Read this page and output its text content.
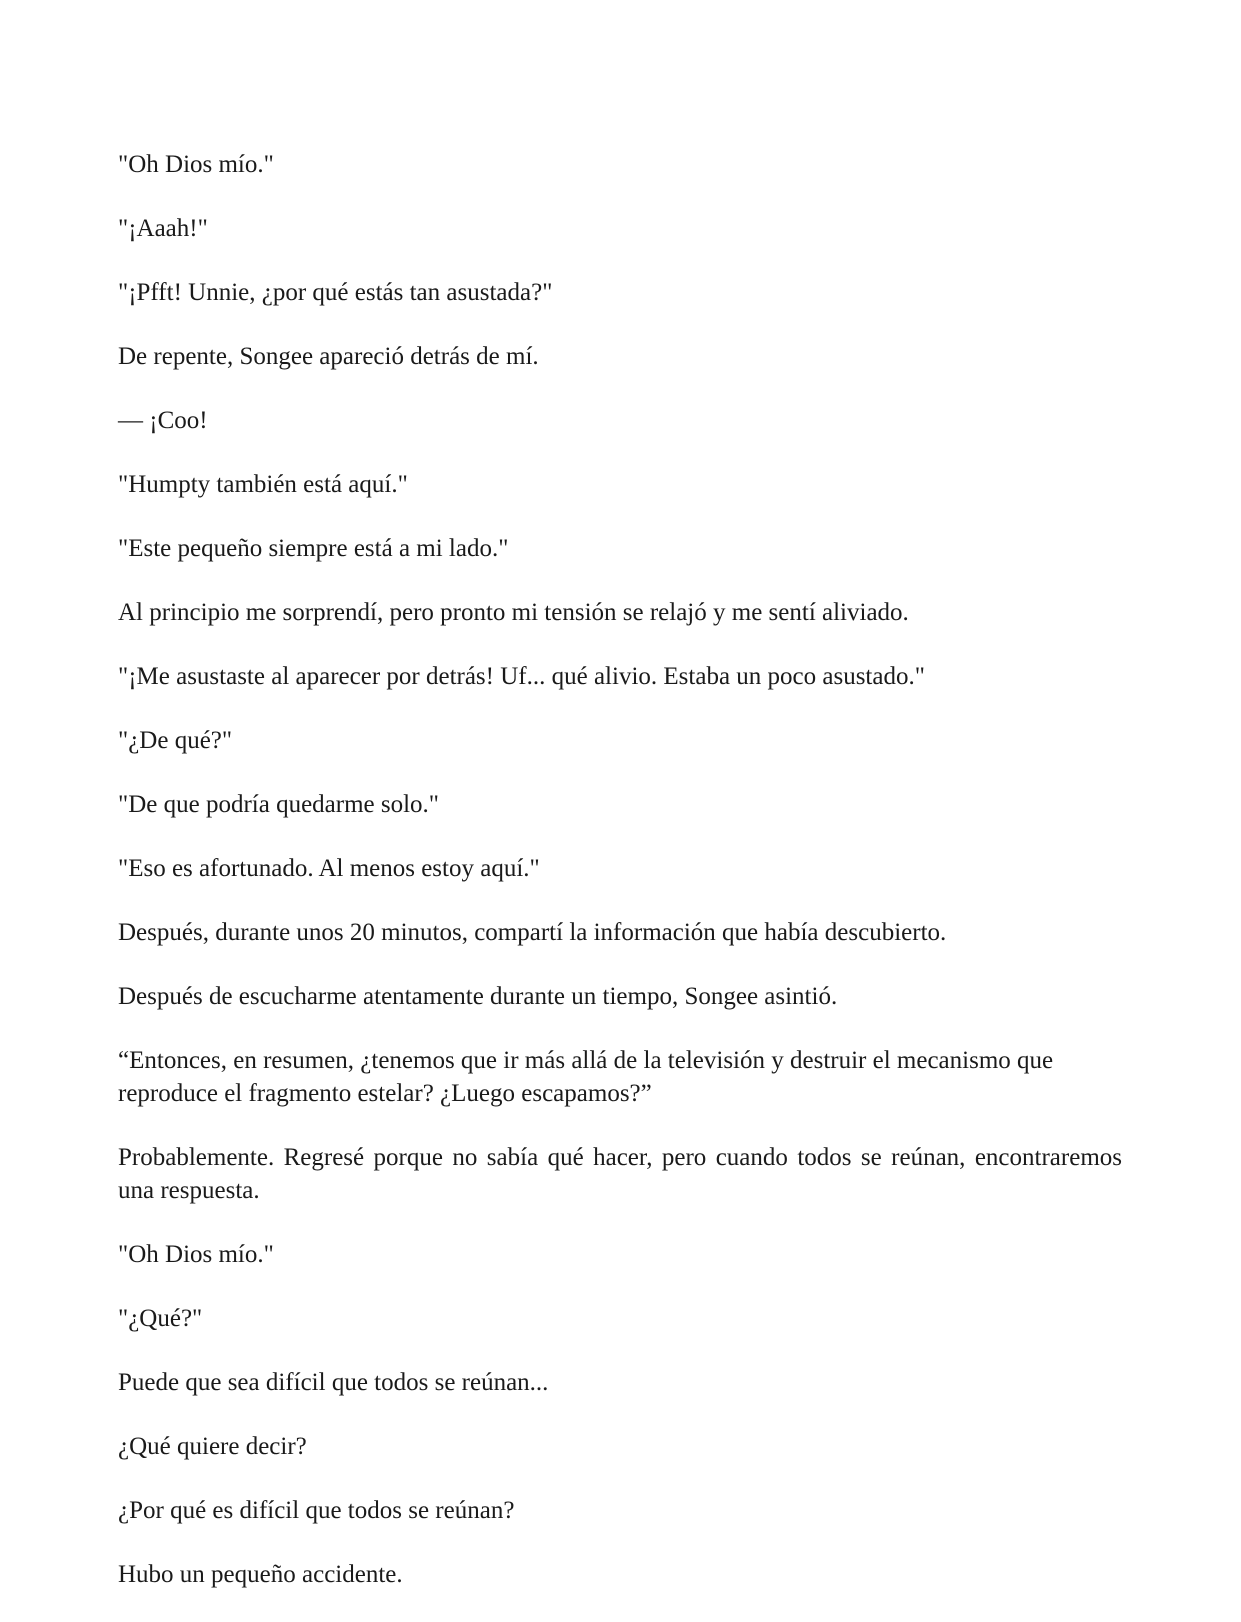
"Oh Dios mío."

"¡Aaah!"

"¡Pfft! Unnie, ¿por qué estás tan asustada?"

De repente, Songee apareció detrás de mí.

— ¡Coo!

"Humpty también está aquí."

"Este pequeño siempre está a mi lado."

Al principio me sorprendí, pero pronto mi tensión se relajó y me sentí aliviado.

"¡Me asustaste al aparecer por detrás! Uf... qué alivio. Estaba un poco asustado."

"¿De qué?"

"De que podría quedarme solo."

"Eso es afortunado. Al menos estoy aquí."

Después, durante unos 20 minutos, compartí la información que había descubierto.

Después de escucharme atentamente durante un tiempo, Songee asintió.

“Entonces, en resumen, ¿tenemos que ir más allá de la televisión y destruir el mecanismo que reproduce el fragmento estelar? ¿Luego escapamos?”

Probablemente. Regresé porque no sabía qué hacer, pero cuando todos se reúnan, encontraremos una respuesta.

"Oh Dios mío."

"¿Qué?"

Puede que sea difícil que todos se reúnan...

¿Qué quiere decir?

¿Por qué es difícil que todos se reúnan?

Hubo un pequeño accidente.
